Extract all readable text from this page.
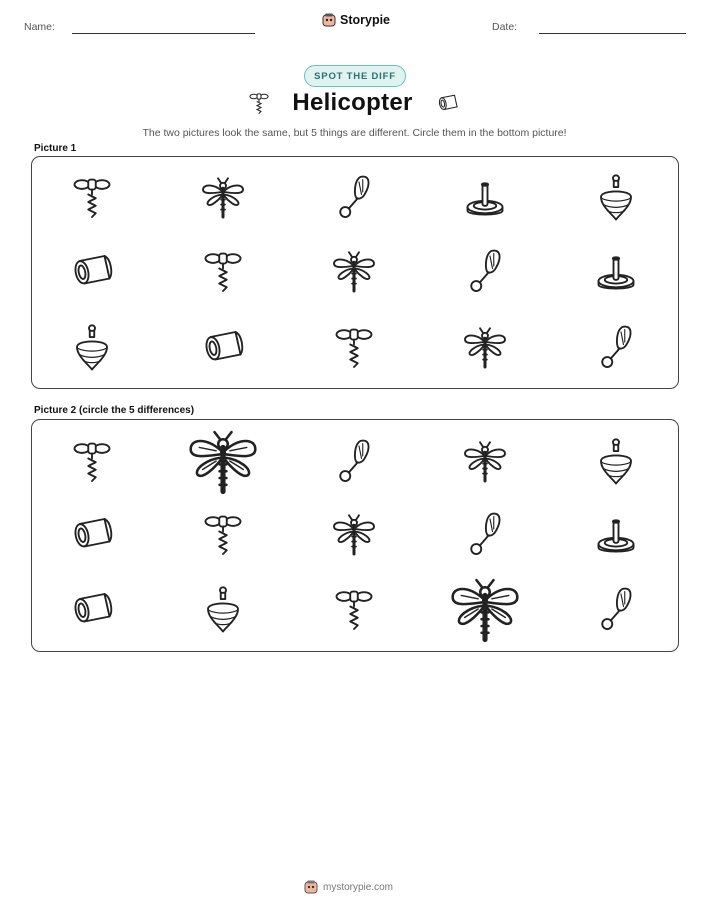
Name:	Storypie	Date:
SPOT THE DIFF
Helicopter
The two pictures look the same, but 5 things are different. Circle them in the bottom picture!
Picture 1
Picture 2 (circle the 5 differences)
mystorypie.com
